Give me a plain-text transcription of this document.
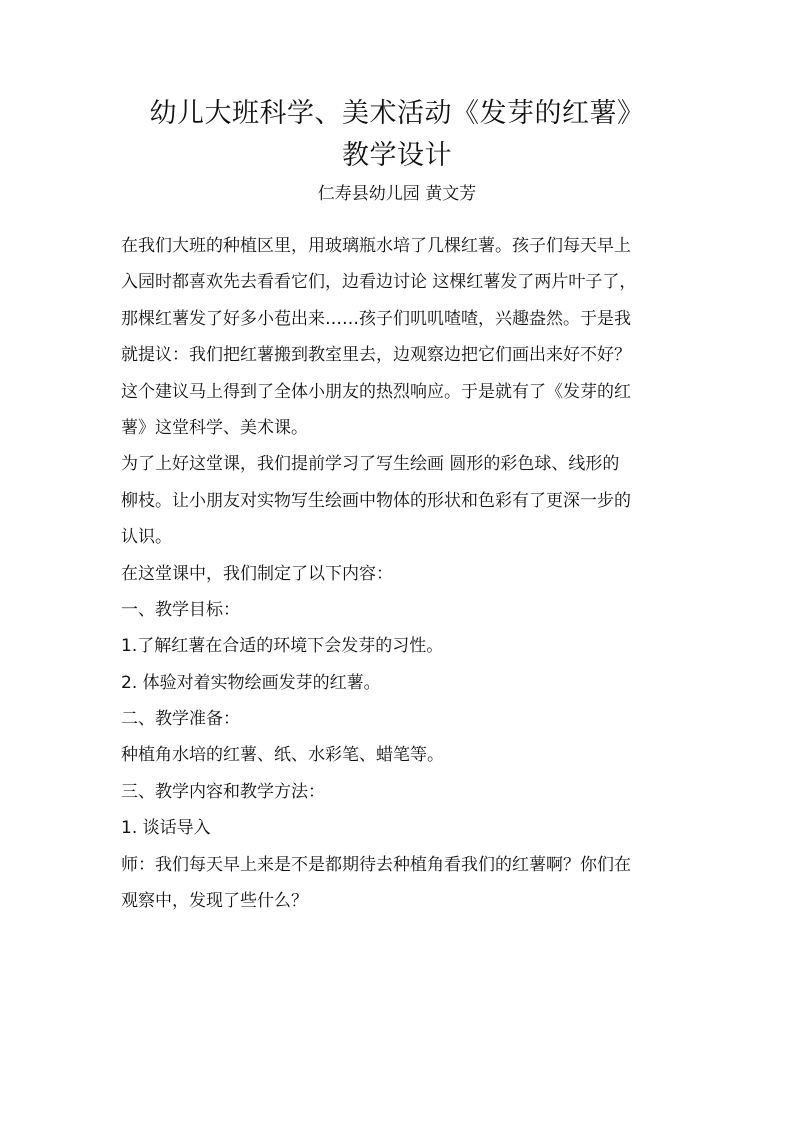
幼儿大班科学、美术活动《发芽的红薯》
教学设计
仁寿县幼儿园 黄文芳

在我们大班的种植区里，用玻璃瓶水培了几棵红薯。孩子们每天早上

入园时都喜欢先去看看它们，边看边讨论 这棵红薯发了两片叶子了，

那棵红薯发了好多小苞出来……孩子们叽叽喳喳，兴趣盎然。于是我

就提议：我们把红薯搬到教室里去，边观察边把它们画出来好不好？

这个建议马上得到了全体小朋友的热烈响应。于是就有了《发芽的红

薯》这堂科学、美术课。

为了上好这堂课，我们提前学习了写生绘画 圆形的彩色球、线形的

柳枝。让小朋友对实物写生绘画中物体的形状和色彩有了更深一步的

认识。

在这堂课中，我们制定了以下内容：

一、教学目标：

1.了解红薯在合适的环境下会发芽的习性。

2. 体验对着实物绘画发芽的红薯。

二、教学准备：

种植角水培的红薯、纸、水彩笔、蜡笔等。

三、教学内容和教学方法：

1. 谈话导入

师：我们每天早上来是不是都期待去种植角看我们的红薯啊？你们在

观察中，发现了些什么？
